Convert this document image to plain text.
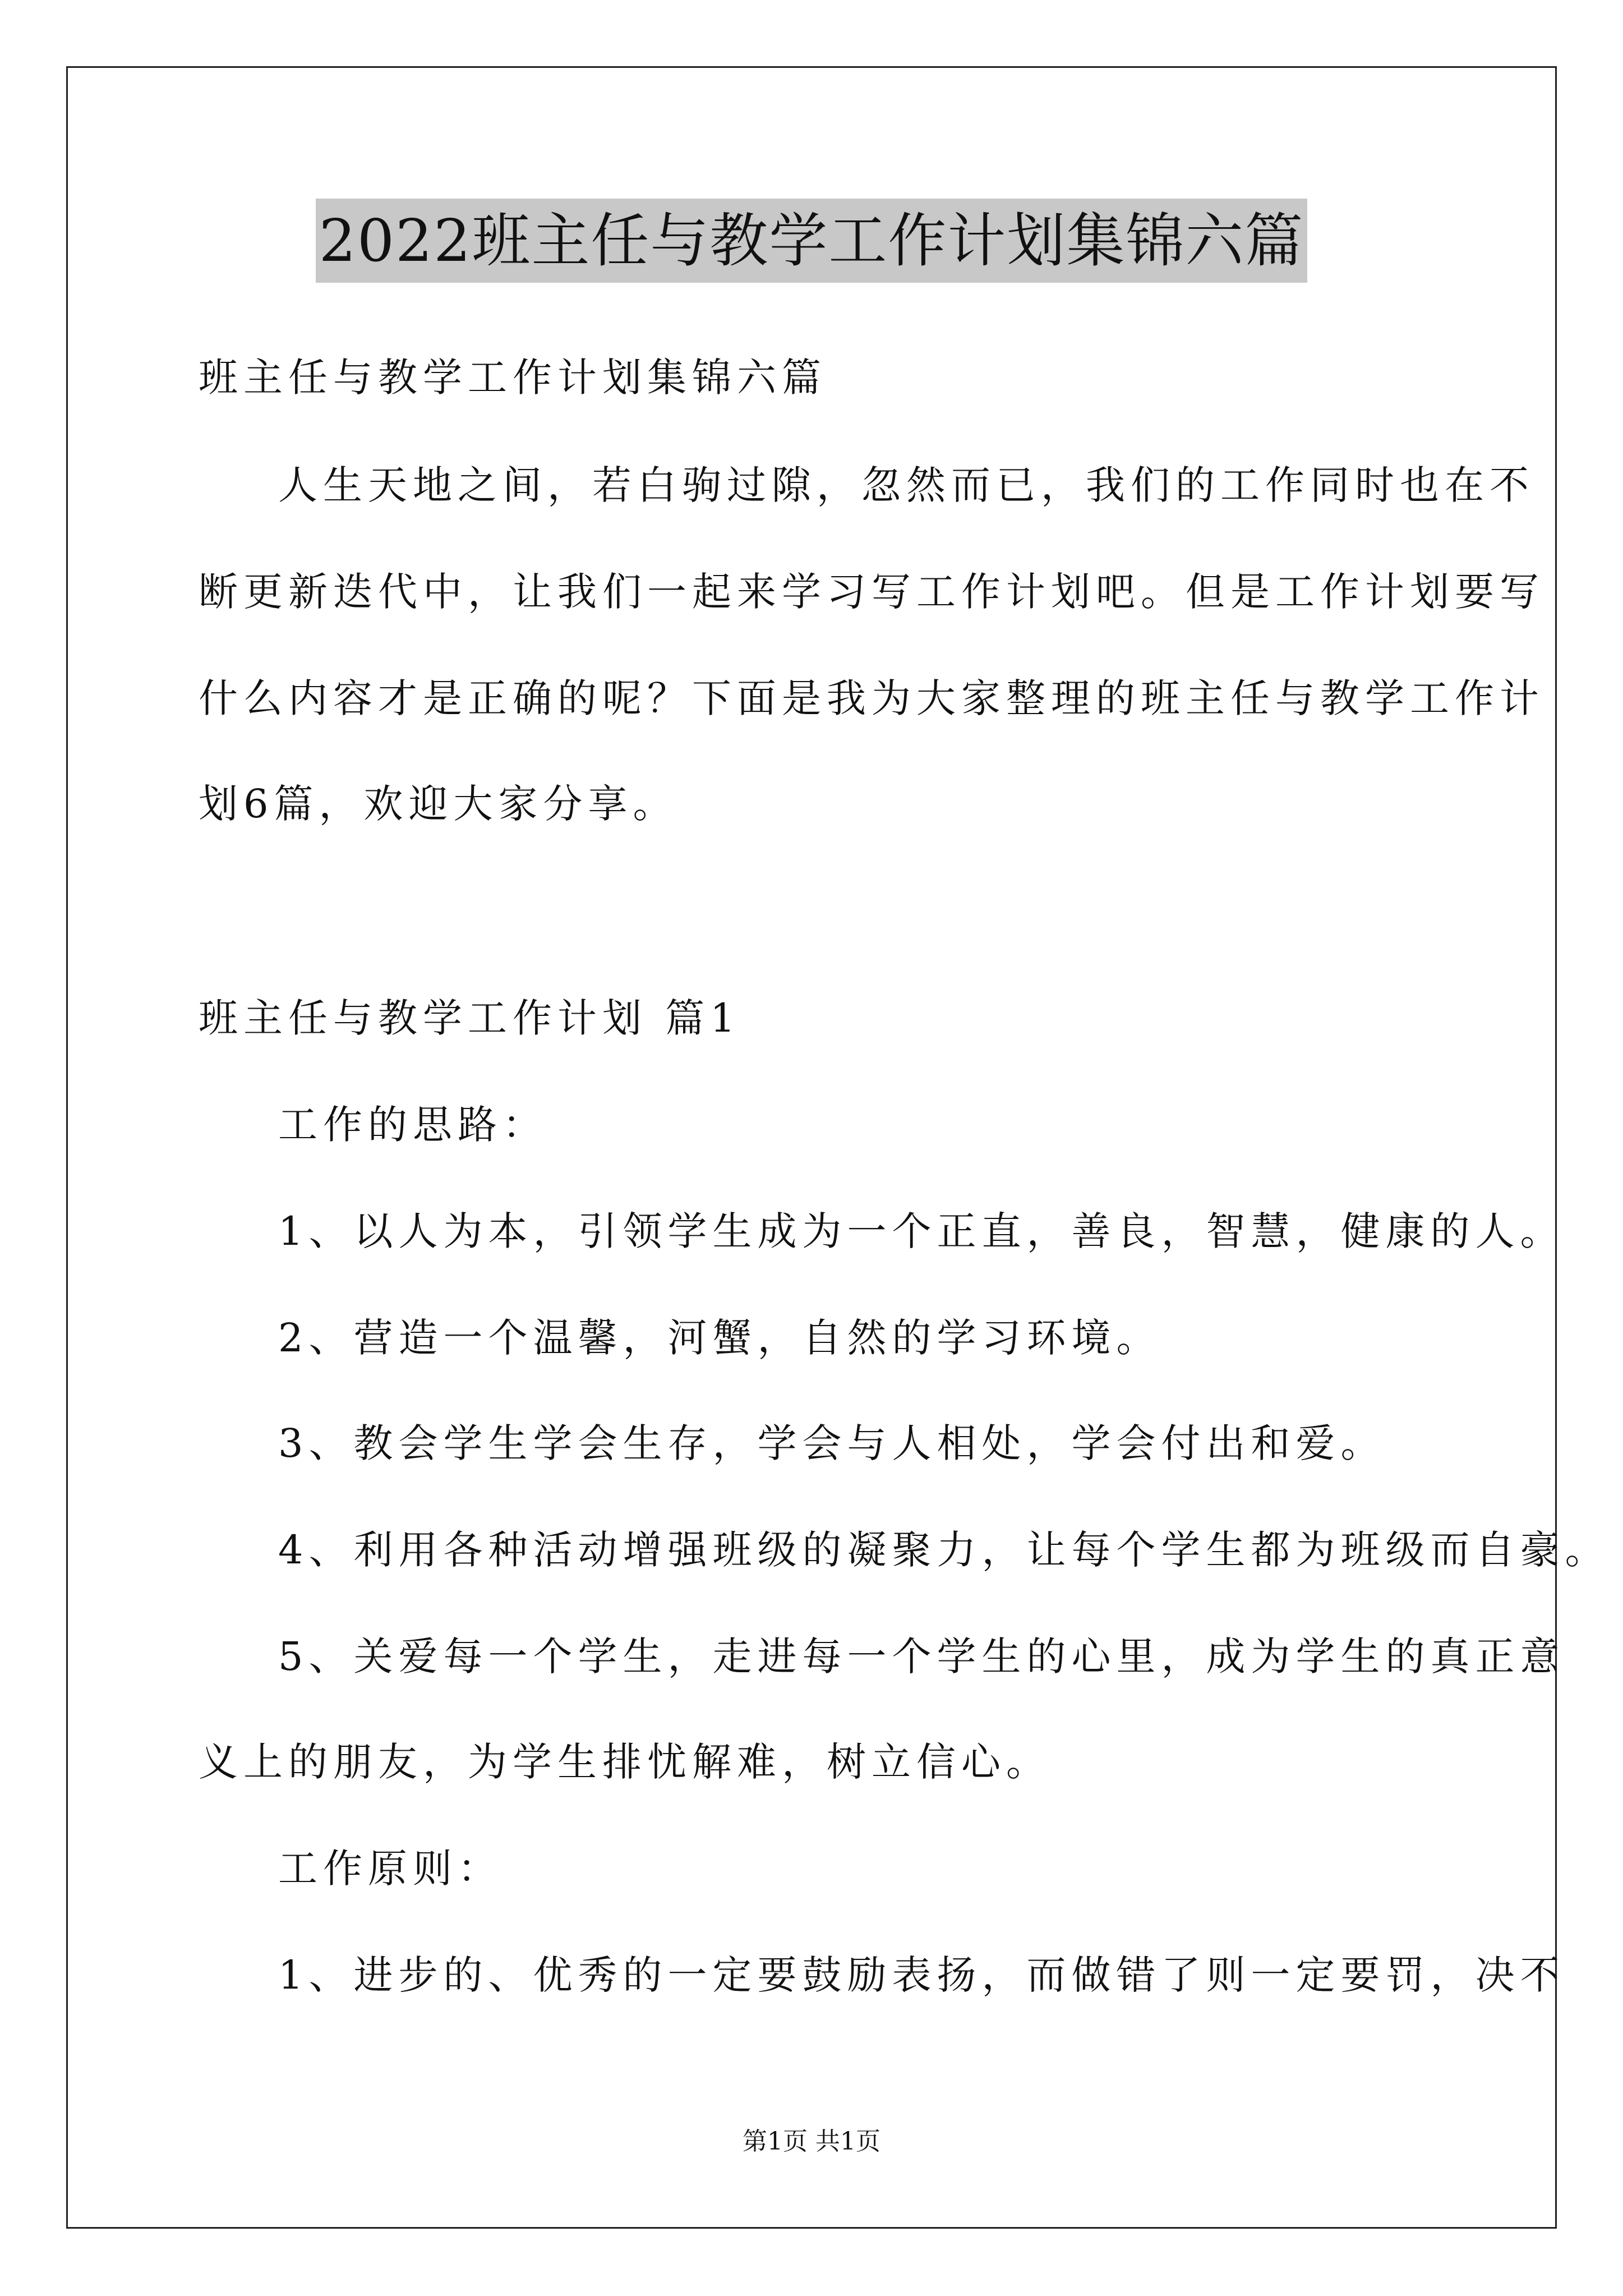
2022班主任与教学工作计划集锦六篇
班主任与教学工作计划集锦六篇
人生天地之间，若白驹过隙，忽然而已，我们的工作同时也在不
断更新迭代中，让我们一起来学习写工作计划吧。但是工作计划要写
什么内容才是正确的呢？下面是我为大家整理的班主任与教学工作计
划6篇，欢迎大家分享。
班主任与教学工作计划 篇1
工作的思路：
1、以人为本，引领学生成为一个正直，善良，智慧，健康的人。
2、营造一个温馨，河蟹，自然的学习环境。
3、教会学生学会生存，学会与人相处，学会付出和爱。
4、利用各种活动增强班级的凝聚力，让每个学生都为班级而自豪。
5、关爱每一个学生，走进每一个学生的心里，成为学生的真正意
义上的朋友，为学生排忧解难，树立信心。
工作原则：
1、进步的、优秀的一定要鼓励表扬，而做错了则一定要罚，决不
第1页 共1页
